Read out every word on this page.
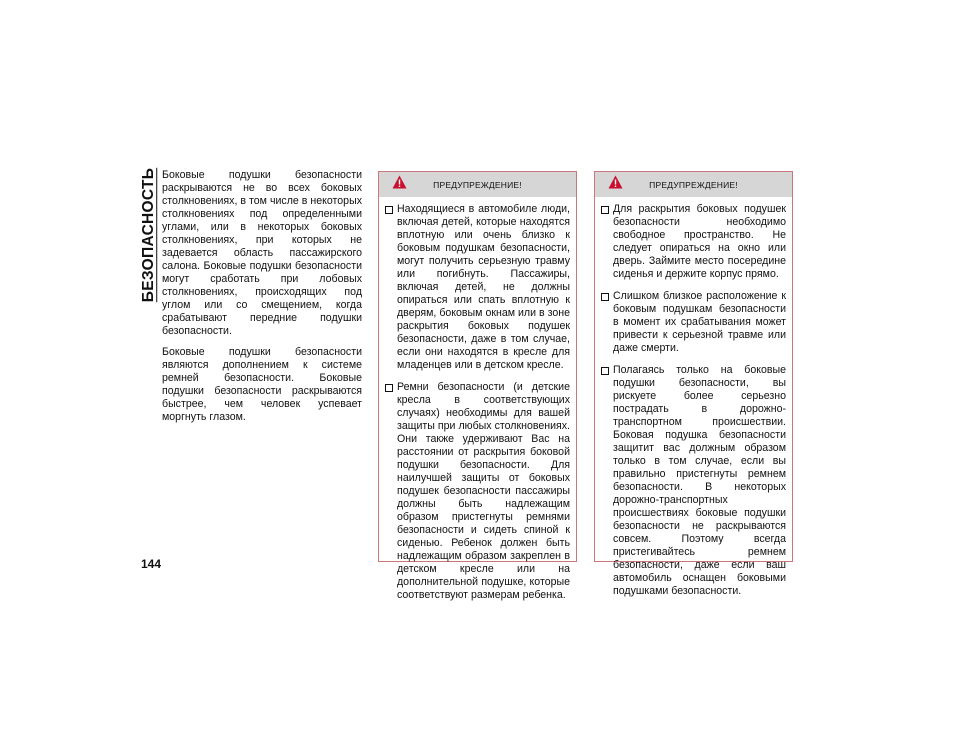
БЕЗОПАСНОСТЬ Боковые подушки безопасности раскрываются не во всех боковых столкновениях, в том числе в некоторых столкновениях под определенными углами, или в некоторых боковых столкновениях, при которых не задевается область пассажирского салона. Боковые подушки безопасности могут сработать при лобовых столкновениях, происходящих под углом или со смещением, когда срабатывают передние подушки безопасности.

Боковые подушки безопасности являются дополнением к системе ремней безопасности. Боковые подушки безопасности раскрываются быстрее, чем человек успевает моргнуть глазом.

ПРЕДУПРЕЖДЕНИЕ!
Находящиеся в автомобиле люди, включая детей, которые находятся вплотную или очень близко к боковым подушкам безопасности, могут получить серьезную травму или погибнуть. Пассажиры, включая детей, не должны опираться или спать вплотную к дверям, боковым окнам или в зоне раскрытия боковых подушек безопасности, даже в том случае, если они находятся в кресле для младенцев или в детском кресле.
Ремни безопасности (и детские кресла в соответствующих случаях) необходимы для вашей защиты при любых столкновениях. Они также удерживают Вас на расстоянии от раскрытия боковой подушки безопасности. Для наилучшей защиты от боковых подушек безопасности пассажиры должны быть надлежащим образом пристегнуты ремнями безопасности и сидеть спиной к сиденью. Ребенок должен быть надлежащим образом закреплен в детском кресле или на дополнительной подушке, которые соответствуют размерам ребенка.
ПРЕДУПРЕЖДЕНИЕ!
Для раскрытия боковых подушек безопасности необходимо свободное пространство. Не следует опираться на окно или дверь. Займите место посередине сиденья и держите корпус прямо.
Слишком близкое расположение к боковым подушкам безопасности в момент их срабатывания может привести к серьезной травме или даже смерти.
Полагаясь только на боковые подушки безопасности, вы рискуете более серьезно пострадать в дорожно-транспортном происшествии. Боковая подушка безопасности защитит вас должным образом только в том случае, если вы правильно пристегнуты ремнем безопасности. В некоторых дорожно-транспортных происшествиях боковые подушки безопасности не раскрываются совсем. Поэтому всегда пристегивайтесь ремнем безопасности, даже если ваш автомобиль оснащен боковыми подушками безопасности.
144
